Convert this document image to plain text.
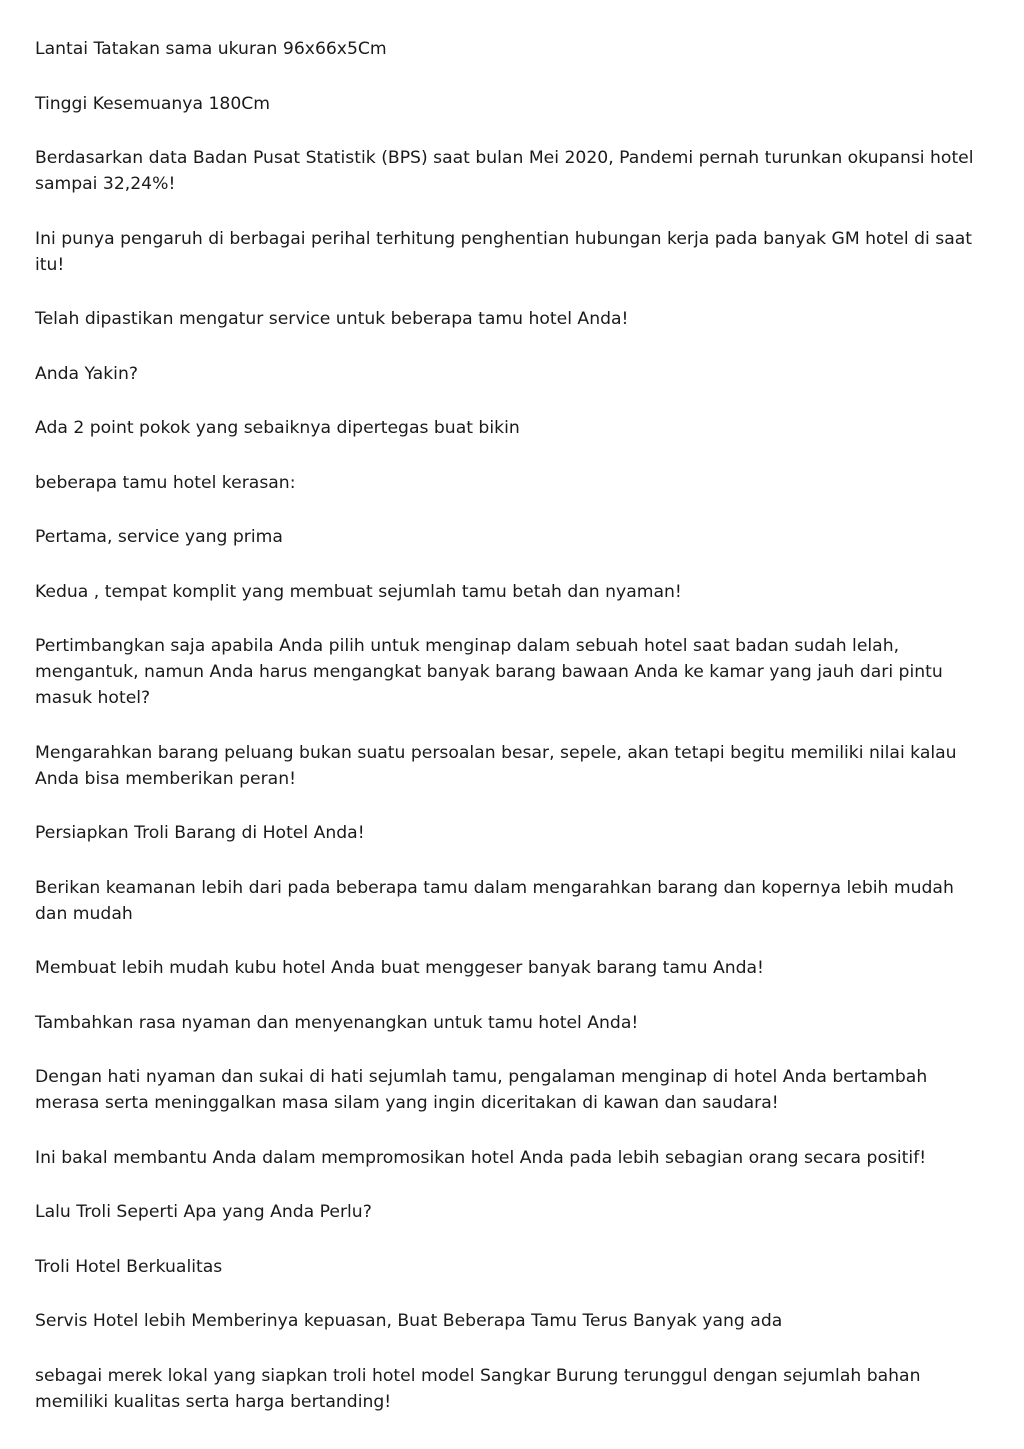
Lantai Tatakan sama ukuran 96x66x5Cm

Tinggi Kesemuanya 180Cm

Berdasarkan data Badan Pusat Statistik (BPS) saat bulan Mei 2020, Pandemi pernah turunkan okupansi hotel sampai 32,24%!

Ini punya pengaruh di berbagai perihal terhitung penghentian hubungan kerja pada banyak GM hotel di saat itu!

Telah dipastikan mengatur service untuk beberapa tamu hotel Anda!

Anda Yakin?

Ada 2 point pokok yang sebaiknya dipertegas buat bikin

beberapa tamu hotel kerasan:

Pertama, service yang prima

Kedua , tempat komplit yang membuat sejumlah tamu betah dan nyaman!

Pertimbangkan saja apabila Anda pilih untuk menginap dalam sebuah hotel saat badan sudah lelah, mengantuk, namun Anda harus mengangkat banyak barang bawaan Anda ke kamar yang jauh dari pintu masuk hotel?

Mengarahkan barang peluang bukan suatu persoalan besar, sepele, akan tetapi begitu memiliki nilai kalau Anda bisa memberikan peran!

Persiapkan Troli Barang di Hotel Anda!

Berikan keamanan lebih dari pada beberapa tamu dalam mengarahkan barang dan kopernya lebih mudah dan mudah

Membuat lebih mudah kubu hotel Anda buat menggeser banyak barang tamu Anda!

Tambahkan rasa nyaman dan menyenangkan untuk tamu hotel Anda!

Dengan hati nyaman dan sukai di hati sejumlah tamu, pengalaman menginap di hotel Anda bertambah merasa serta meninggalkan masa silam yang ingin diceritakan di kawan dan saudara!

Ini bakal membantu Anda dalam mempromosikan hotel Anda pada lebih sebagian orang secara positif!

Lalu Troli Seperti Apa yang Anda Perlu?

Troli Hotel Berkualitas

Servis Hotel lebih Memberinya kepuasan, Buat Beberapa Tamu Terus Banyak yang ada

sebagai merek lokal yang siapkan troli hotel model Sangkar Burung terunggul dengan sejumlah bahan memiliki kualitas serta harga bertanding!
